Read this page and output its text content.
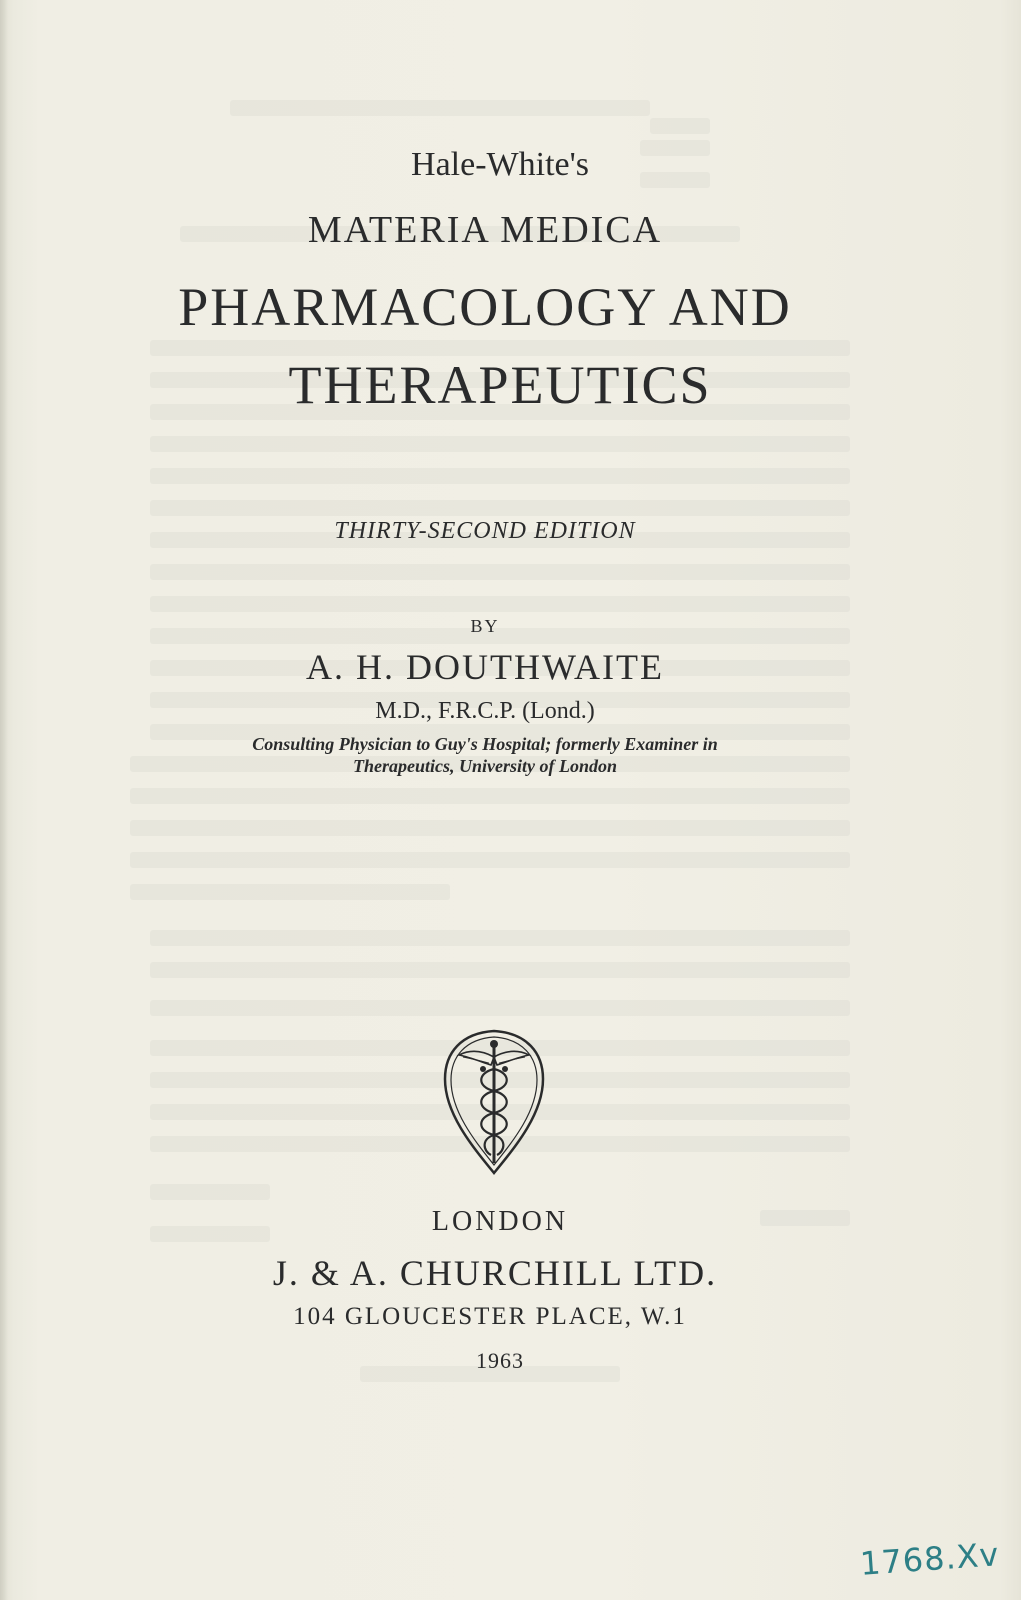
Hale-White's
MATERIA MEDICA
PHARMACOLOGY AND
THERAPEUTICS
THIRTY-SECOND EDITION
BY
A. H. DOUTHWAITE
M.D., F.R.C.P. (Lond.)
Consulting Physician to Guy's Hospital; formerly Examiner in
Therapeutics, University of London
LONDON
J. & A. CHURCHILL LTD.
104 GLOUCESTER PLACE, W.1
1963
1768.Xv
